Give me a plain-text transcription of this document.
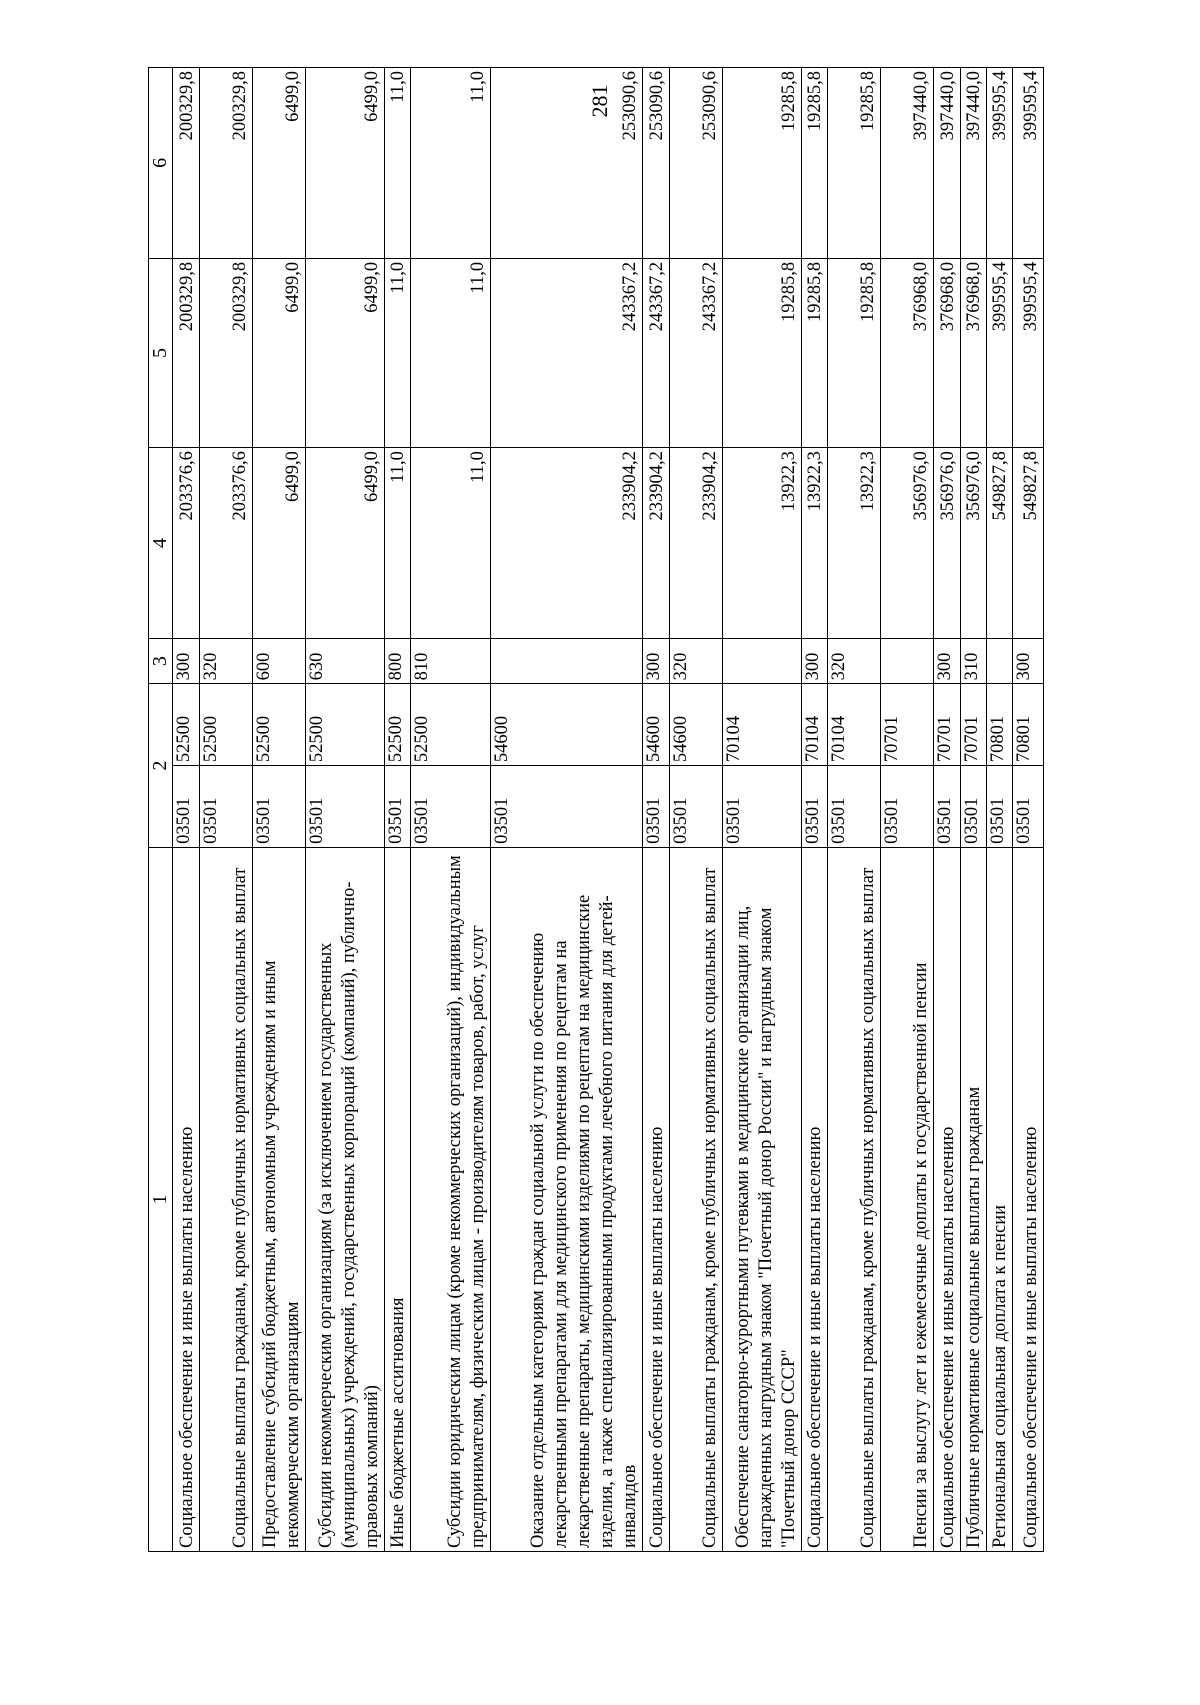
281
1	2		3	4	5	6
Социальное обеспечение и иные выплаты населению	03501	52500	300	203376,6	200329,8	200329,8
Социальные выплаты гражданам, кроме публичных нормативных социальных выплат	03501	52500	320	203376,6	200329,8	200329,8
Предоставление субсидий бюджетным, автономным учреждениям и иным некоммерческим организациям	03501	52500	600	6499,0	6499,0	6499,0
Субсидии некоммерческим организациям (за исключением государственных (муниципальных) учреждений, государственных корпораций (компаний), публично-правовых компаний)	03501	52500	630	6499,0	6499,0	6499,0
Иные бюджетные ассигнования	03501	52500	800	11,0	11,0	11,0
Субсидии юридическим лицам (кроме некоммерческих организаций), индивидуальным предпринимателям, физическим лицам - производителям товаров, работ, услуг	03501	52500	810	11,0	11,0	11,0
Оказание отдельным категориям граждан социальной услуги по обеспечению лекарственными препаратами для медицинского применения по рецептам на лекарственные препараты, медицинскими изделиями по рецептам на медицинские изделия, а также специализированными продуктами лечебного питания для детей-инвалидов	03501	54600		233904,2	243367,2	253090,6
Социальное обеспечение и иные выплаты населению	03501	54600	300	233904,2	243367,2	253090,6
Социальные выплаты гражданам, кроме публичных нормативных социальных выплат	03501	54600	320	233904,2	243367,2	253090,6
Обеспечение санаторно-курортными путевками в медицинские организации лиц, награжденных нагрудным знаком "Почетный донор России" и нагрудным знаком "Почетный донор СССР"	03501	70104		13922,3	19285,8	19285,8
Социальное обеспечение и иные выплаты населению	03501	70104	300	13922,3	19285,8	19285,8
Социальные выплаты гражданам, кроме публичных нормативных социальных выплат	03501	70104	320	13922,3	19285,8	19285,8
Пенсии за выслугу лет и ежемесячные доплаты к государственной пенсии	03501	70701		356976,0	376968,0	397440,0
Социальное обеспечение и иные выплаты населению	03501	70701	300	356976,0	376968,0	397440,0
Публичные нормативные социальные выплаты гражданам	03501	70701	310	356976,0	376968,0	397440,0
Региональная социальная доплата к пенсии	03501	70801		549827,8	399595,4	399595,4
Социальное обеспечение и иные выплаты населению	03501	70801	300	549827,8	399595,4	399595,4
